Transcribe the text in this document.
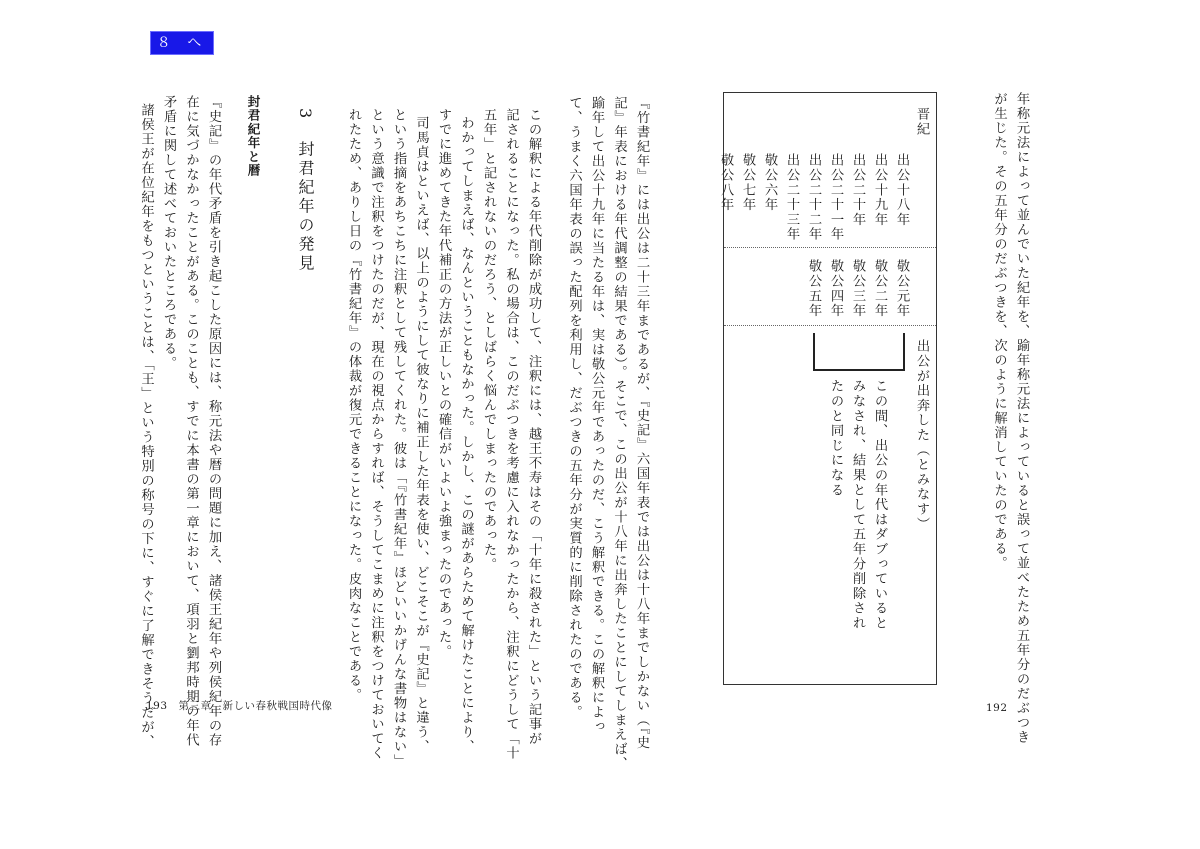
８ へ

年称元法によって並んでいた紀年を、踰年称元法によっていると誤って並べたため五年分のだぶつき

が生じた。その五年分のだぶつきを、次のように解消していたのである。

晋紀
出公十八年
出公十九年
出公二十年
出公二十一年
出公二十二年
出公二十三年
敬公六年
敬公七年
敬公八年
敬公元年
敬公二年
敬公三年
敬公四年
敬公五年
出公が出奔した（とみなす）
この間、出公の年代はダブっていると
みなされ、結果として五年分削除され
たのと同じになる

『竹書紀年』には出公は二十三年まであるが、『史記』六国年表では出公は十八年までしかない（『史

記』年表における年代調整の結果である）。そこで、この出公が十八年に出奔したことにしてしまえば、

踰年して出公十九年に当たる年は、実は敬公元年であったのだ、こう解釈できる。この解釈によっ

て、うまく六国年表の誤った配列を利用し、だぶつきの五年分が実質的に削除されたのである。	192

この解釈による年代削除が成功して、注釈には、越王不寿はその「十年に殺された」という記事が

記されることになった。私の場合は、このだぶつきを考慮に入れなかったから、注釈にどうして「十

五年」と記されないのだろう、としばらく悩んでしまったのであった。

わかってしまえば、なんということもなかった。しかし、この謎があらためて解けたことにより、

すでに進めてきた年代補正の方法が正しいとの確信がいよいよ強まったのであった。

司馬貞はといえば、以上のようにして彼なりに補正した年表を使い、どこそこが『史記』と違う、

という指摘をあちこちに注釈として残してくれた。彼は「『竹書紀年』ほどいいかげんな書物はない」

という意識で注釈をつけたのだが、現在の視点からすれば、そうしてこまめに注釈をつけておいてく

れたため、ありし日の『竹書紀年』の体裁が復元できることになった。皮肉なことである。

3　封君紀年の発見
封君紀年と暦

『史記』の年代矛盾を引き起こした原因には、称元法や暦の問題に加え、諸侯王紀年や列侯紀年の存

在に気づかなかったことがある。このことも、すでに本書の第一章において、項羽と劉邦時期の年代

矛盾に関して述べておいたところである。

諸侯王が在位紀年をもつということは、「王」という特別の称号の下に、すぐに了解できそうだが、

193　第三章　新しい春秋戦国時代像
